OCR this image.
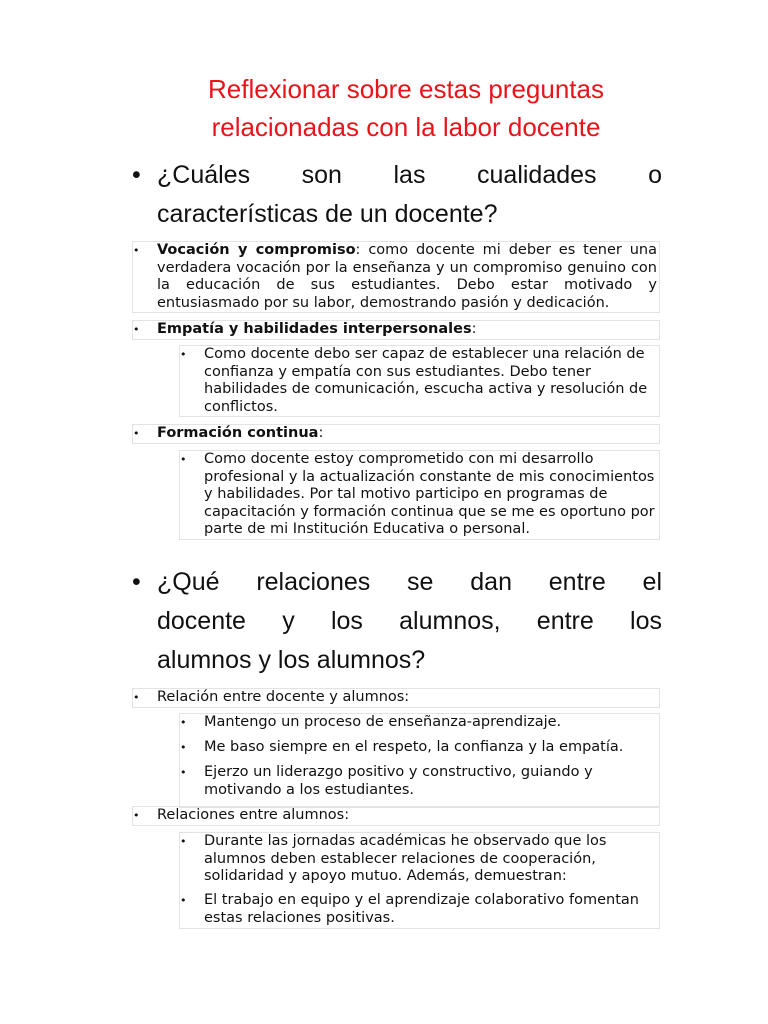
Reflexionar sobre estas preguntas
relacionadas con la labor docente
• ¿Cuáles son las cualidades o
características de un docente?
• Vocación y compromiso: como docente mi deber es tener una verdadera vocación por la enseñanza y un compromiso genuino con la educación de sus estudiantes. Debo estar motivado y entusiasmado por su labor, demostrando pasión y dedicación.
• Empatía y habilidades interpersonales:
• Como docente debo ser capaz de establecer una relación de confianza y empatía con sus estudiantes. Debo tener habilidades de comunicación, escucha activa y resolución de conflictos.
• Formación continua:
• Como docente estoy comprometido con mi desarrollo profesional y la actualización constante de mis conocimientos y habilidades. Por tal motivo participo en programas de capacitación y formación continua que se me es oportuno por parte de mi Institución Educativa o personal.
• ¿Qué relaciones se dan entre el
docente y los alumnos, entre los
alumnos y los alumnos?
• Relación entre docente y alumnos:
• Mantengo un proceso de enseñanza-aprendizaje.
• Me baso siempre en el respeto, la confianza y la empatía.
• Ejerzo un liderazgo positivo y constructivo, guiando y motivando a los estudiantes.
• Relaciones entre alumnos:
• Durante las jornadas académicas he observado que los alumnos deben establecer relaciones de cooperación, solidaridad y apoyo mutuo. Además, demuestran:
• El trabajo en equipo y el aprendizaje colaborativo fomentan estas relaciones positivas.
